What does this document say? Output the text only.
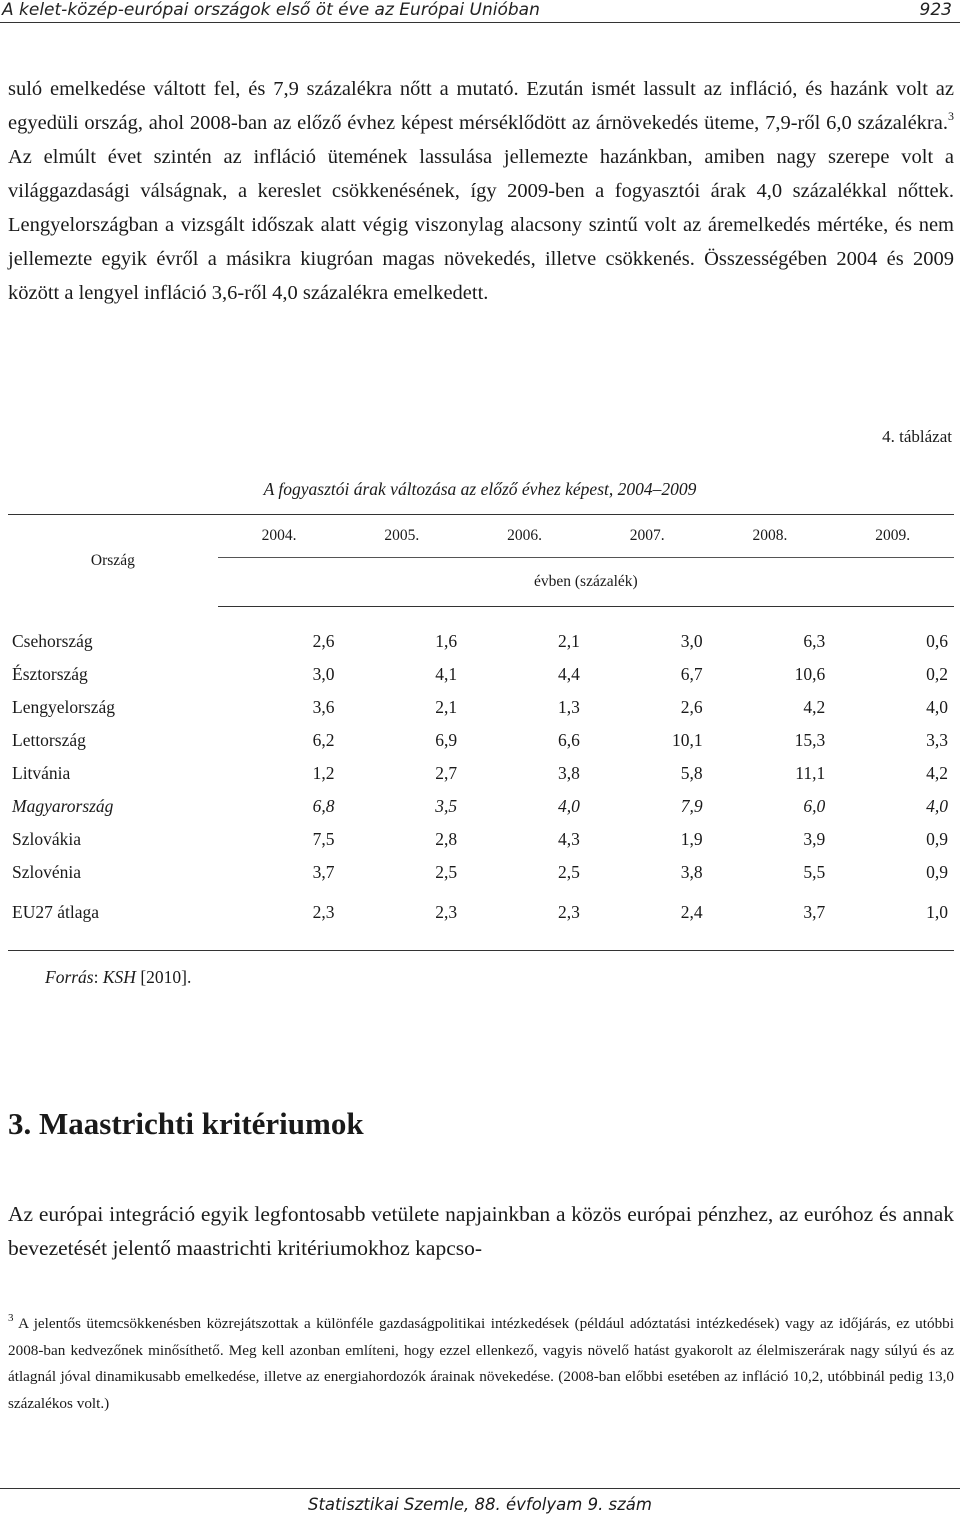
A kelet-közép-európai országok első öt éve az Európai Unióban	923

suló emelkedése váltott fel, és 7,9 százalékra nőtt a mutató. Ezután ismét lassult az infláció, és hazánk volt az egyedüli ország, ahol 2008-ban az előző évhez képest mérséklődött az árnövekedés üteme, 7,9-ről 6,0 százalékra.$^3$ Az elmúlt évet szintén az infláció ütemének lassulása jellemezte hazánkban, amiben nagy szerepe volt a világgazdasági válságnak, a kereslet csökkenésének, így 2009-ben a fogyasztói árak 4,0 százalékkal nőttek. Lengyelországban a vizsgált időszak alatt végig viszonylag alacsony szintű volt az áremelkedés mértéke, és nem jellemezte egyik évről a másikra kiugróan magas növekedés, illetve csökkenés. Összességében 2004 és 2009 között a lengyel infláció 3,6-ről 4,0 százalékra emelkedett.

4. táblázat
A fogyasztói árak változása az előző évhez képest, 2004–2009
Ország	2004.	2005.	2006.	2007.	2008.	2009.
	évben (százalék)					

Csehország	2,6	1,6	2,1	3,0	6,3	0,6
Észtország	3,0	4,1	4,4	6,7	10,6	0,2
Lengyelország	3,6	2,1	1,3	2,6	4,2	4,0
Lettország	6,2	6,9	6,6	10,1	15,3	3,3
Litvánia	1,2	2,7	3,8	5,8	11,1	4,2
Magyarország	6,8	3,5	4,0	7,9	6,0	4,0
Szlovákia	7,5	2,8	4,3	1,9	3,9	0,9
Szlovénia	3,7	2,5	2,5	3,8	5,5	0,9
EU27 átlaga	2,3	2,3	2,3	2,4	3,7	1,0
Forrás: KSH [2010].
3. Maastrichti kritériumok

Az európai integráció egyik legfontosabb vetülete napjainkban a közös európai pénzhez, az euróhoz és annak bevezetését jelentő maastrichti kritériumokhoz kapcso-

$^3$ A jelentős ütemcsökkenésben közrejátszottak a különféle gazdaságpolitikai intézkedések (például adóztatási intézkedések) vagy az időjárás, ez utóbbi 2008-ban kedvezőnek minősíthető. Meg kell azonban említeni, hogy ezzel ellenkező, vagyis növelő hatást gyakorolt az élelmiszerárak nagy súlyú és az átlagnál jóval dinamikusabb emelkedése, illetve az energiahordozók árainak növekedése. (2008-ban előbbi esetében az infláció 10,2, utóbbinál pedig 13,0 százalékos volt.)

Statisztikai Szemle, 88. évfolyam 9. szám
